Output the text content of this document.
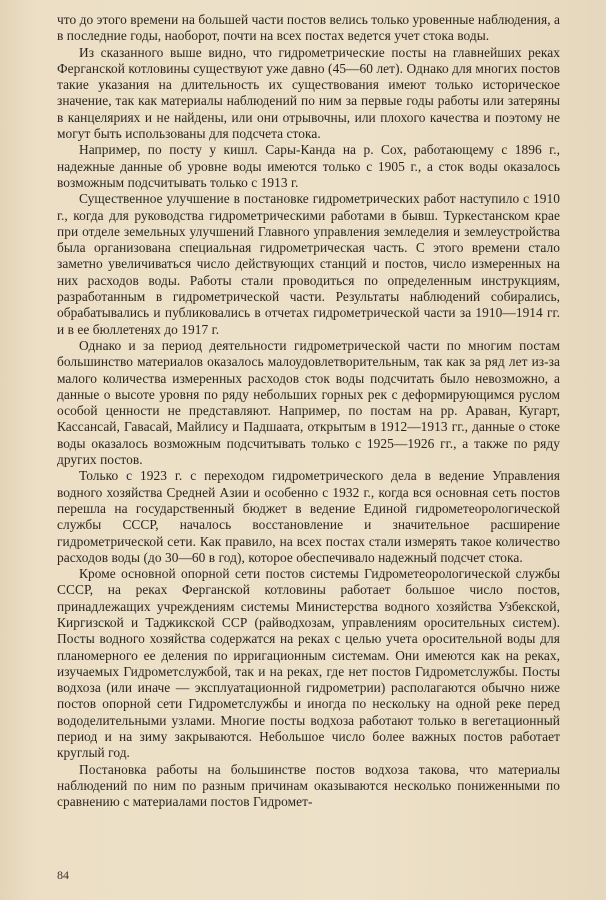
что до этого времени на большей части постов велись только уровенные наблюдения, а в последние годы, наоборот, почти на всех постах ведется учет стока воды.

Из сказанного выше видно, что гидрометрические посты на главнейших реках Ферганской котловины существуют уже давно (45—60 лет). Однако для многих постов такие указания на длительность их существования имеют только историческое значение, так как материалы наблюдений по ним за первые годы работы или затеряны в канцеляриях и не найдены, или они отрывочны, или плохого качества и поэтому не могут быть использованы для подсчета стока.

Например, по посту у кишл. Сары-Канда на р. Сох, работающему с 1896 г., надежные данные об уровне воды имеются только с 1905 г., а сток воды оказалось возможным подсчитывать только с 1913 г.

Существенное улучшение в постановке гидрометрических работ наступило с 1910 г., когда для руководства гидрометрическими работами в бывш. Туркестанском крае при отделе земельных улучшений Главного управления земледелия и землеустройства была организована специальная гидрометрическая часть. С этого времени стало заметно увеличиваться число действующих станций и постов, число измеренных на них расходов воды. Работы стали проводиться по определенным инструкциям, разработанным в гидрометрической части. Результаты наблюдений собирались, обрабатывались и публиковались в отчетах гидрометрической части за 1910—1914 гг. и в ее бюллетенях до 1917 г.

Однако и за период деятельности гидрометрической части по многим постам большинство материалов оказалось малоудовлетворительным, так как за ряд лет из-за малого количества измеренных расходов сток воды подсчитать было невозможно, а данные о высоте уровня по ряду небольших горных рек с деформирующимся руслом особой ценности не представляют. Например, по постам на рр. Араван, Кугарт, Кассансай, Гавасай, Майлису и Падшаата, открытым в 1912—1913 гг., данные о стоке воды оказалось возможным подсчитывать только с 1925—1926 гг., а также по ряду других постов.

Только с 1923 г. с переходом гидрометрического дела в ведение Управления водного хозяйства Средней Азии и особенно с 1932 г., когда вся основная сеть постов перешла на государственный бюджет в ведение Единой гидрометеорологической службы СССР, началось восстановление и значительное расширение гидрометрической сети. Как правило, на всех постах стали измерять такое количество расходов воды (до 30—60 в год), которое обеспечивало надежный подсчет стока.

Кроме основной опорной сети постов системы Гидрометеорологической службы СССР, на реках Ферганской котловины работает большое число постов, принадлежащих учреждениям системы Министерства водного хозяйства Узбекской, Киргизской и Таджикской ССР (райводхозам, управлениям оросительных систем). Посты водного хозяйства содержатся на реках с целью учета оросительной воды для планомерного ее деления по ирригационным системам. Они имеются как на реках, изучаемых Гидрометслужбой, так и на реках, где нет постов Гидрометслужбы. Посты водхоза (или иначе — эксплуатационной гидрометрии) располагаются обычно ниже постов опорной сети Гидрометслужбы и иногда по нескольку на одной реке перед вододелительными узлами. Многие посты водхоза работают только в вегетационный период и на зиму закрываются. Небольшое число более важных постов работает круглый год.

Постановка работы на большинстве постов водхоза такова, что материалы наблюдений по ним по разным причинам оказываются несколько пониженными по сравнению с материалами постов Гидромет-

84
